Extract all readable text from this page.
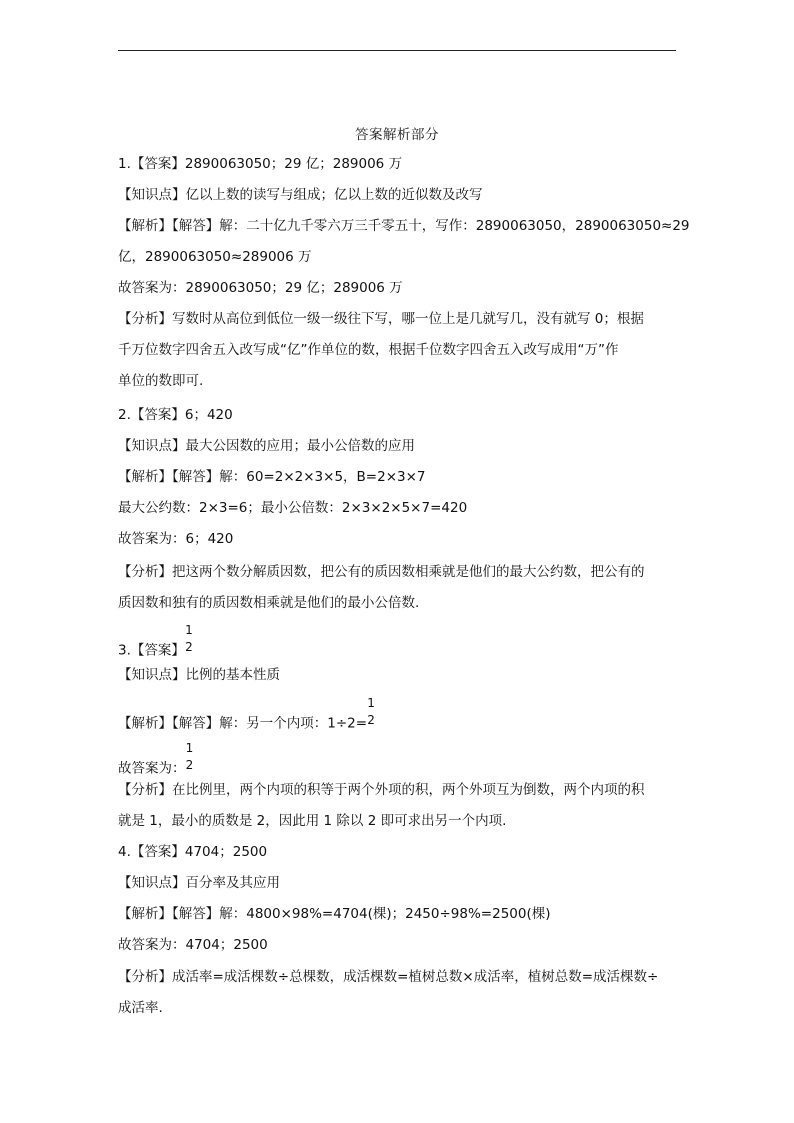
答案解析部分
1.【答案】2890063050；29 亿；289006 万
【知识点】亿以上数的读写与组成；亿以上数的近似数及改写
【解析】【解答】解：二十亿九千零六万三千零五十，写作：2890063050，2890063050≈29
亿，2890063050≈289006 万
故答案为：2890063050；29 亿；289006 万
【分析】写数时从高位到低位一级一级往下写，哪一位上是几就写几，没有就写 0；根据
千万位数字四舍五入改写成“亿”作单位的数，根据千位数字四舍五入改写成用“万”作
单位的数即可.
2.【答案】6；420
【知识点】最大公因数的应用；最小公倍数的应用
【解析】【解答】解：60=2×2×3×5，B=2×3×7
最大公约数：2×3=6；最小公倍数：2×3×2×5×7=420
故答案为：6；420
【分析】把这两个数分解质因数，把公有的质因数相乘就是他们的最大公约数，把公有的
质因数和独有的质因数相乘就是他们的最小公倍数.
3.【答案】 $\frac{1}{2}$
【知识点】比例的基本性质
【解析】【解答】解：另一个内项：$1\div 2= \frac{1}{2}$
故答案为： $\frac{1}{2}$
【分析】在比例里，两个内项的积等于两个外项的积，两个外项互为倒数，两个内项的积
就是 1，最小的质数是 2，因此用 1 除以 2 即可求出另一个内项.
4.【答案】4704；2500
【知识点】百分率及其应用
【解析】【解答】解：4800×98%=4704(棵)；2450÷98%=2500(棵)
故答案为：4704；2500
【分析】成活率=成活棵数÷总棵数，成活棵数=植树总数×成活率，植树总数=成活棵数÷
成活率.
